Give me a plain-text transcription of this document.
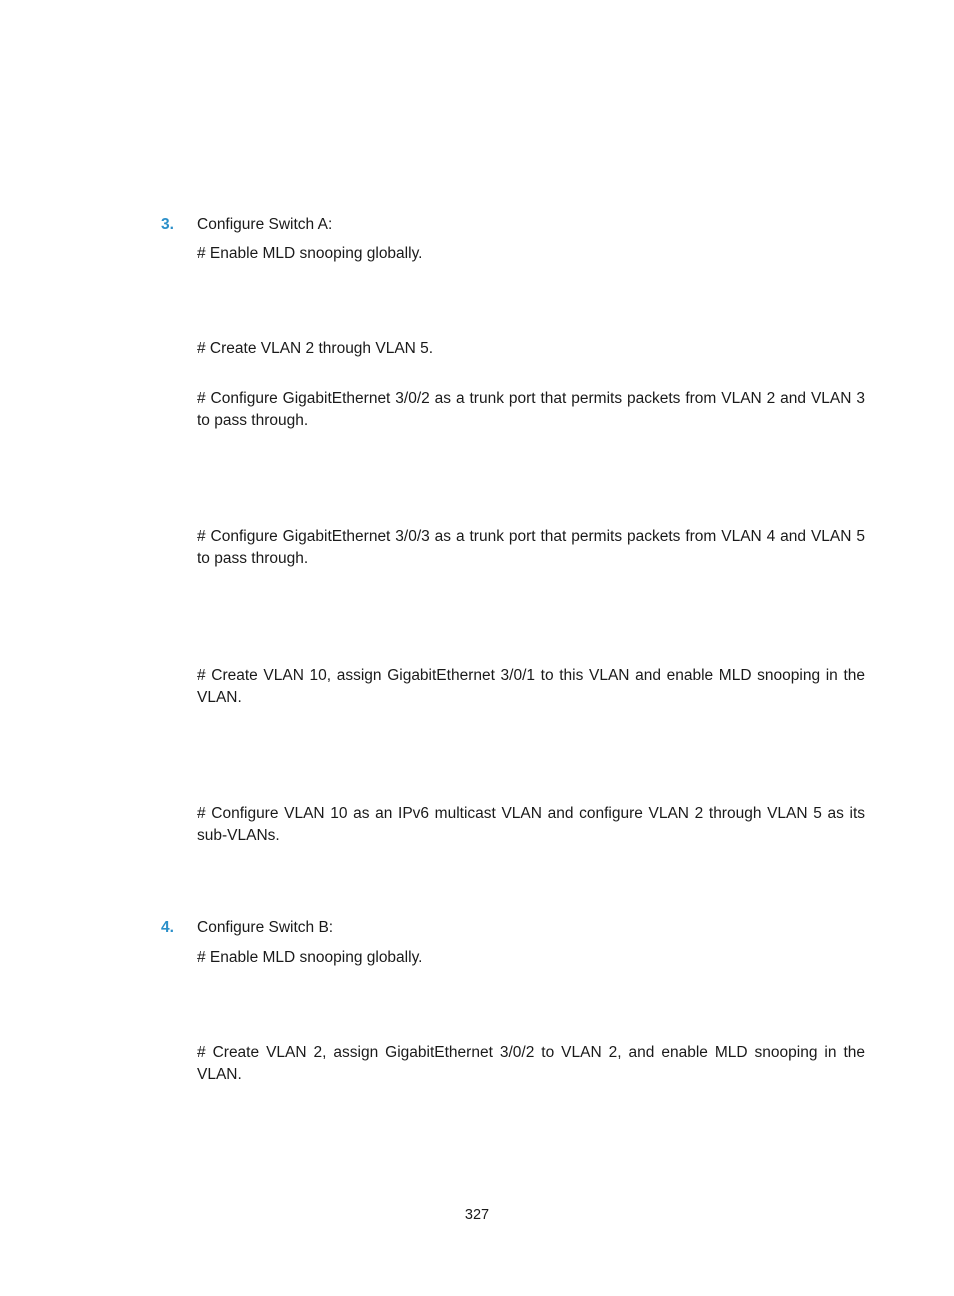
3. Configure Switch A:
# Enable MLD snooping globally.
# Create VLAN 2 through VLAN 5.
# Configure GigabitEthernet 3/0/2 as a trunk port that permits packets from VLAN 2 and VLAN 3 to pass through.
# Configure GigabitEthernet 3/0/3 as a trunk port that permits packets from VLAN 4 and VLAN 5 to pass through.
# Create VLAN 10, assign GigabitEthernet 3/0/1 to this VLAN and enable MLD snooping in the VLAN.
# Configure VLAN 10 as an IPv6 multicast VLAN and configure VLAN 2 through VLAN 5 as its sub-VLANs.
4. Configure Switch B:
# Enable MLD snooping globally.
# Create VLAN 2, assign GigabitEthernet 3/0/2 to VLAN 2, and enable MLD snooping in the VLAN.
327
